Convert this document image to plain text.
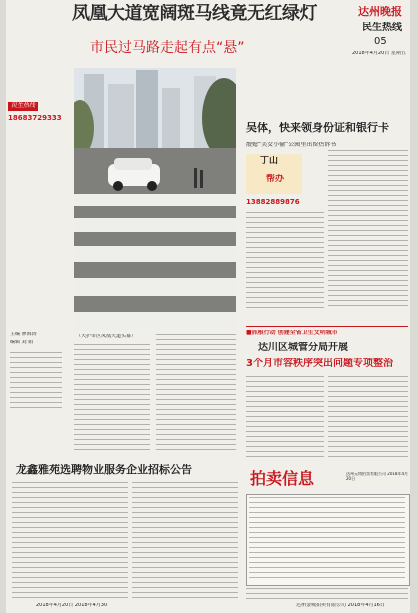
达州晚报
民生热线
05
2018年4月20日 星期五
凤凰大道宽阔斑马线竟无红绿灯
市民过马路走起有点“悬”
民生热线
18683729333
主编 廖海涛
编辑 刘 娟
（天护市区凤凰大道头幕）
吴体，快来领身份证和银行卡
靓媳“美女小偷”公园里出留热诉书
丁山
帮办
13882889876
■抓根行动 创建全省卫生文明城市
达川区城管分局开展
3个月市容秩序突出问题专项整治
龙鑫雅苑选聘物业服务企业招标公告
2018年4月20日 2018年4月30
拍卖信息	达州元铸拍卖有限公司 2018年4月20日
达州金城拍卖有限公司 2018年4月16日
